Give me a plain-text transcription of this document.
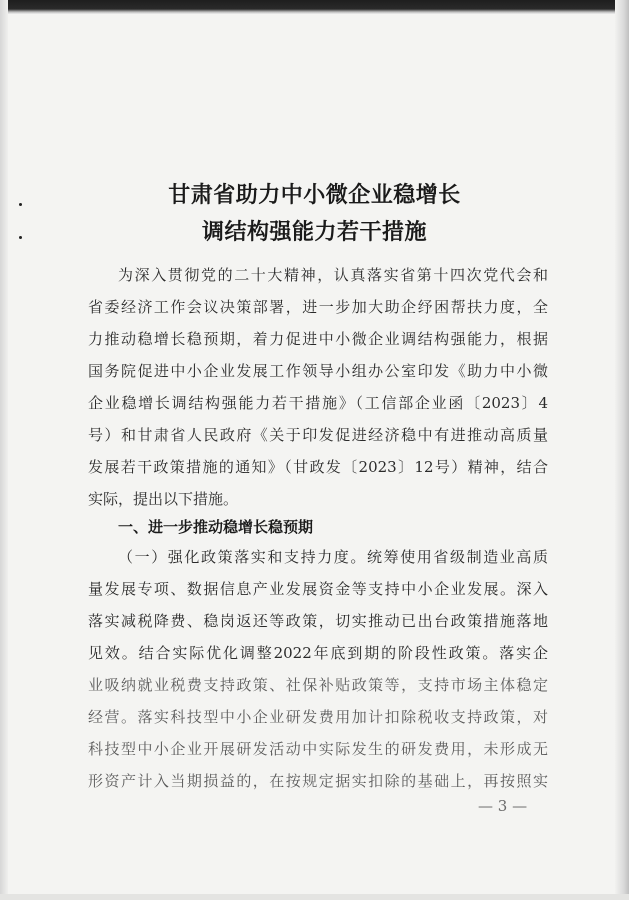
甘肃省助力中小微企业稳增长
调结构强能力若干措施
为深入贯彻党的二十大精神，认真落实省第十四次党代会和
省委经济工作会议决策部署，进一步加大助企纾困帮扶力度，全
力推动稳增长稳预期，着力促进中小微企业调结构强能力，根据
国务院促进中小企业发展工作领导小组办公室印发《助力中小微
企业稳增长调结构强能力若干措施》（工信部企业函〔2023〕4
号）和甘肃省人民政府《关于印发促进经济稳中有进推动高质量
发展若干政策措施的通知》（甘政发〔2023〕12号）精神，结合
实际，提出以下措施。
一、进一步推动稳增长稳预期
（一）强化政策落实和支持力度。统筹使用省级制造业高质
量发展专项、数据信息产业发展资金等支持中小企业发展。深入
落实减税降费、稳岗返还等政策，切实推动已出台政策措施落地
见效。结合实际优化调整2022年底到期的阶段性政策。落实企
业吸纳就业税费支持政策、社保补贴政策等，支持市场主体稳定
经营。落实科技型中小企业研发费用加计扣除税收支持政策，对
科技型中小企业开展研发活动中实际发生的研发费用，未形成无
形资产计入当期损益的，在按规定据实扣除的基础上，再按照实
— 3 —
